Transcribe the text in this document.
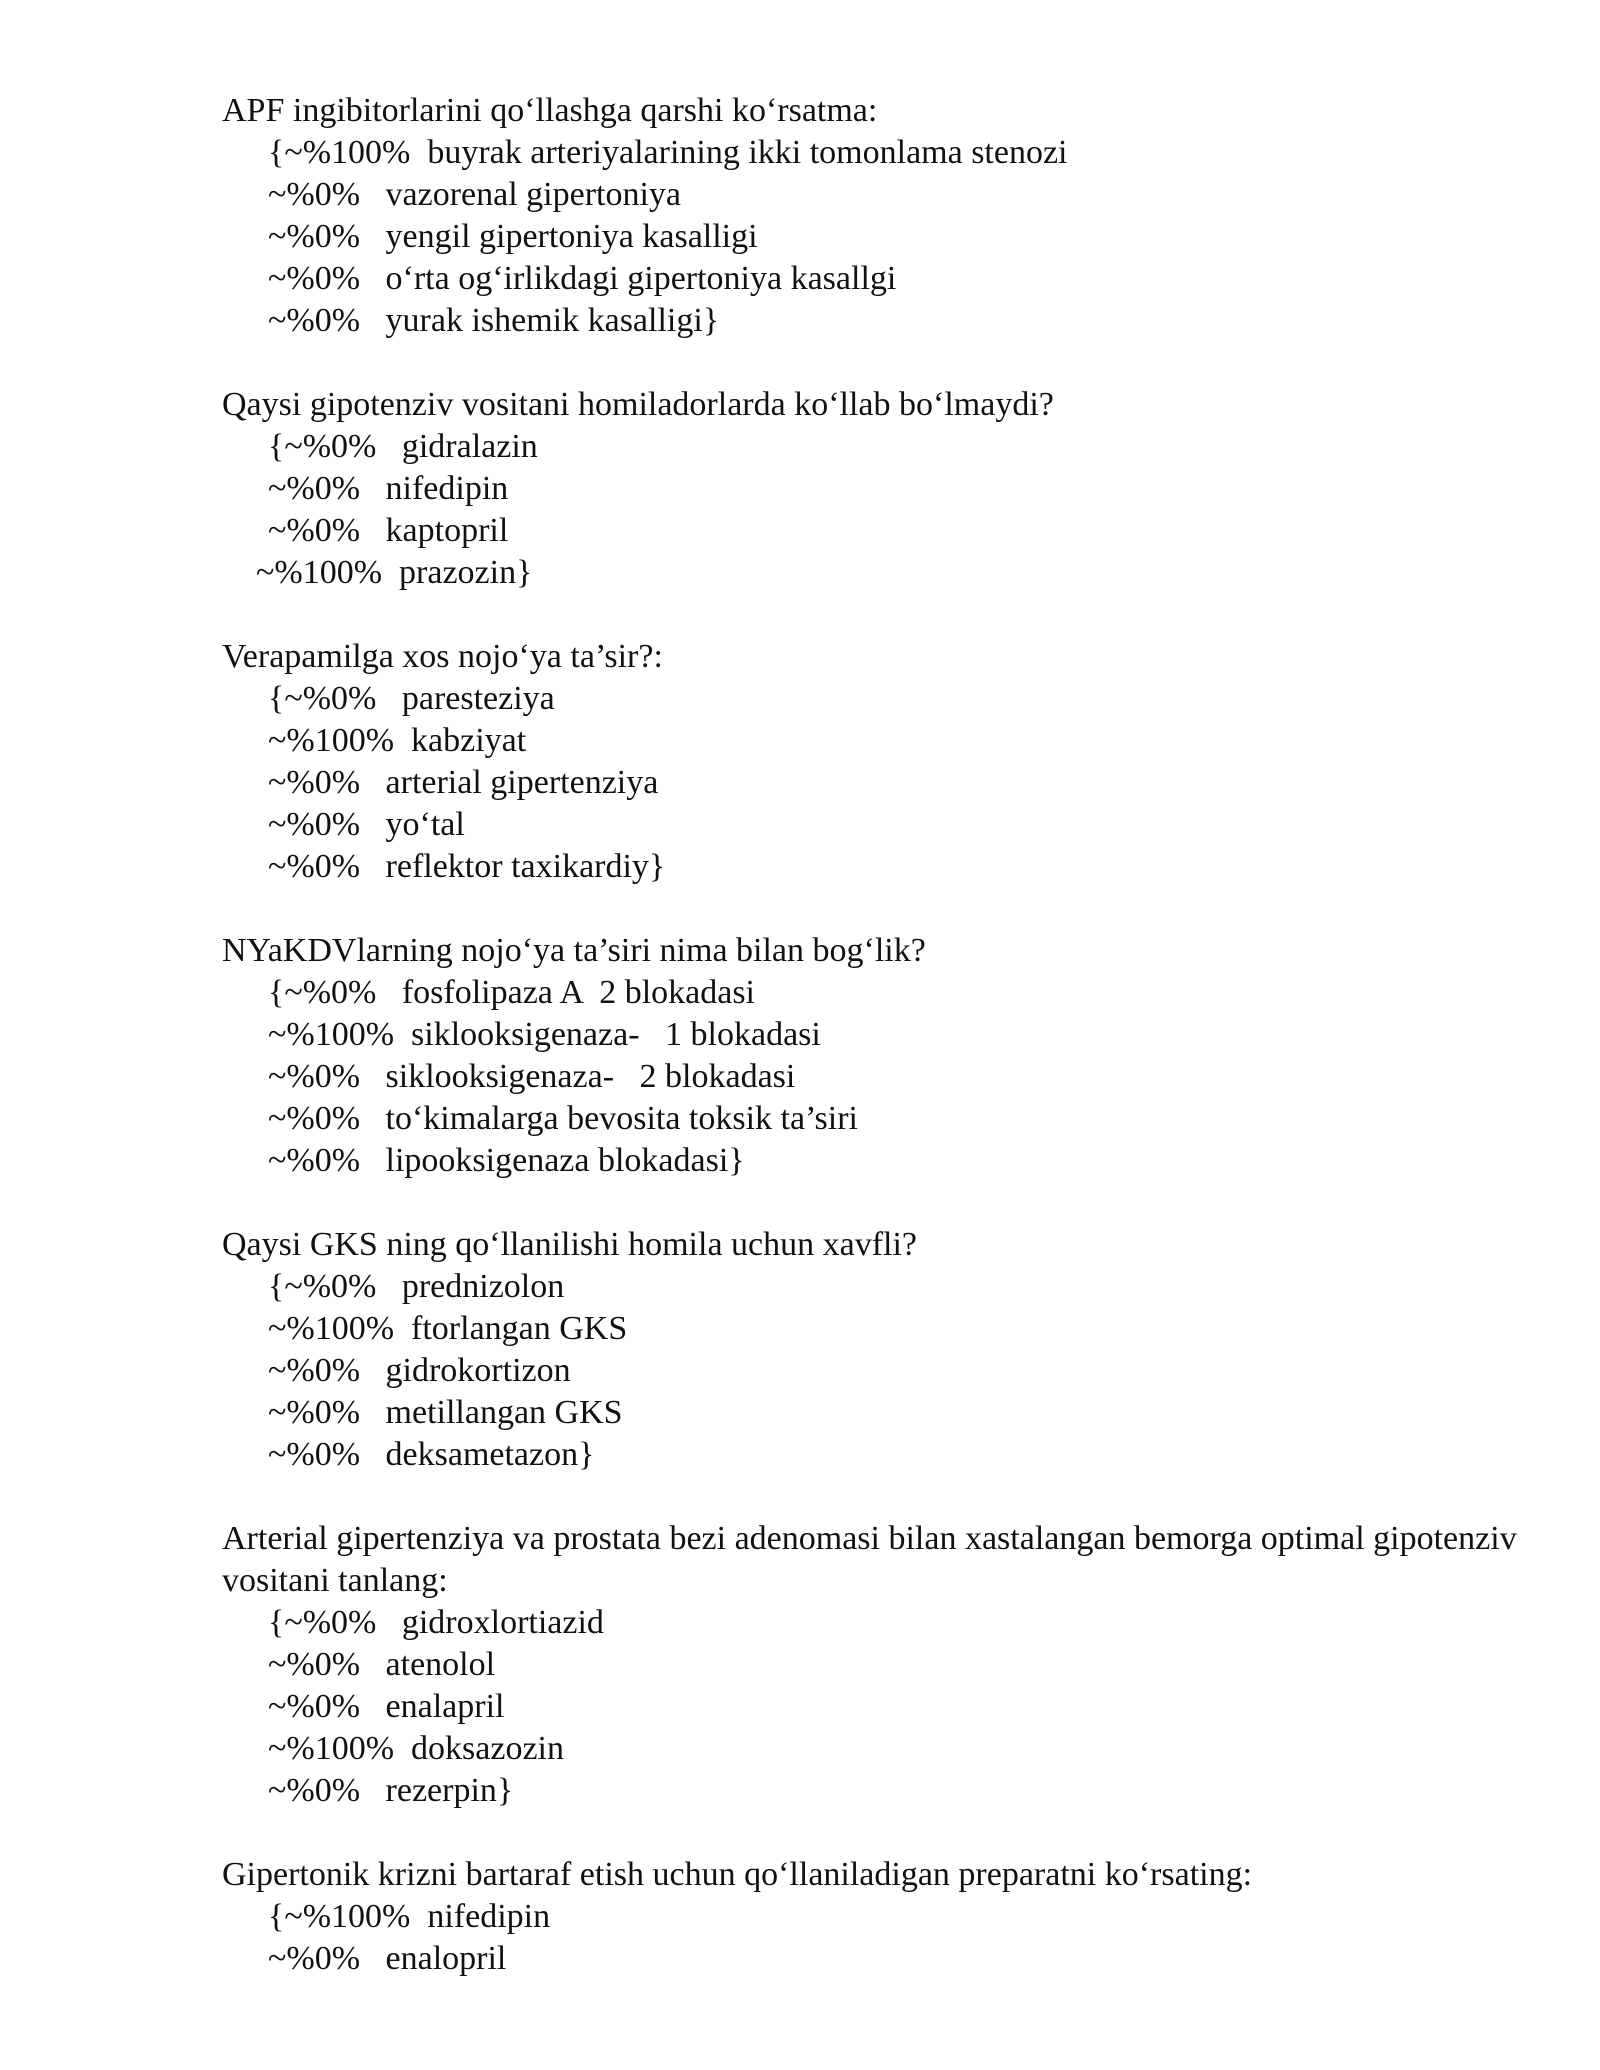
APF ingibitorlarini qo‘llashga qarshi ko‘rsatma:

{~%100%  buyrak arteriyalarining ikki tomonlama stenozi

~%0%   vazorenal gipertoniya

~%0%   yengil gipertoniya kasalligi

~%0%   o‘rta og‘irlikdagi gipertoniya kasallgi

~%0%   yurak ishemik kasalligi}

Qaysi gipotenziv vositani homiladorlarda ko‘llab bo‘lmaydi?

{~%0%   gidralazin

~%0%   nifedipin

~%0%   kaptopril

~%100%  prazozin}

Verapamilga xos nojo‘ya ta’sir?:

{~%0%   paresteziya

~%100%  kabziyat

~%0%   arterial gipertenziya

~%0%   yo‘tal

~%0%   reflektor taxikardiy}

NYaKDVlarning nojo‘ya ta’siri nima bilan bog‘lik?

{~%0%   fosfolipaza A  2 blokadasi

~%100%  siklooksigenaza-   1 blokadasi

~%0%   siklooksigenaza-   2 blokadasi

~%0%   to‘kimalarga bevosita toksik ta’siri

~%0%   lipooksigenaza blokadasi}

Qaysi GKS ning qo‘llanilishi homila uchun xavfli?

{~%0%   prednizolon

~%100%  ftorlangan GKS

~%0%   gidrokortizon

~%0%   metillangan GKS

~%0%   deksametazon}

Arterial gipertenziya va prostata bezi adenomasi bilan xastalangan bemorga optimal gipotenziv vositani tanlang:

{~%0%   gidroxlortiazid

~%0%   atenolol

~%0%   enalapril

~%100%  doksazozin

~%0%   rezerpin}

Gipertonik krizni bartaraf etish uchun qo‘llaniladigan preparatni ko‘rsating:

{~%100%  nifedipin

~%0%   enalopril
